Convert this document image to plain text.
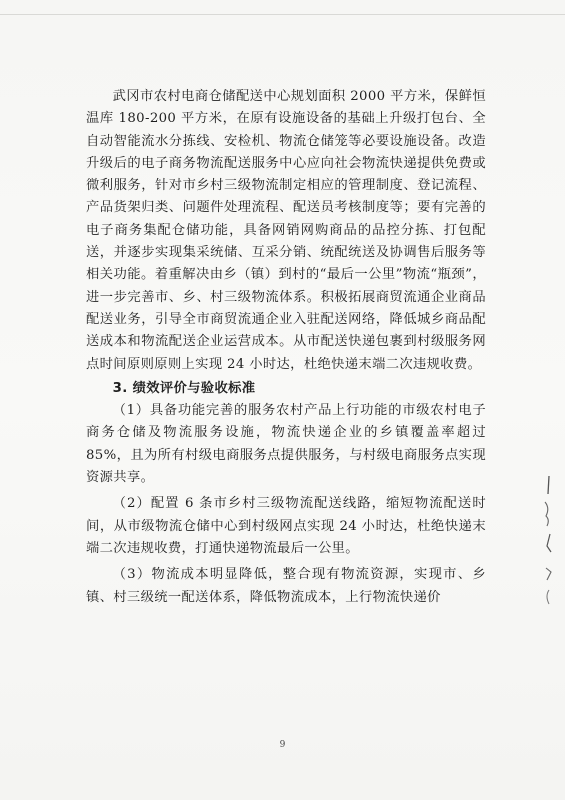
武冈市农村电商仓储配送中心规划面积 2000 平方米，保鲜恒温库 180-200 平方米，在原有设施设备的基础上升级打包台、全自动智能流水分拣线、安检机、物流仓储笼等必要设施设备。改造升级后的电子商务物流配送服务中心应向社会物流快递提供免费或微利服务，针对市乡村三级物流制定相应的管理制度、登记流程、产品货架归类、问题件处理流程、配送员考核制度等；要有完善的电子商务集配仓储功能，具备网销网购商品的品控分拣、打包配送，并逐步实现集采统储、互采分销、统配统送及协调售后服务等相关功能。着重解决由乡（镇）到村的“最后一公里”物流“瓶颈”，进一步完善市、乡、村三级物流体系。积极拓展商贸流通企业商品配送业务，引导全市商贸流通企业入驻配送网络，降低城乡商品配送成本和物流配送企业运营成本。从市配送快递包裹到村级服务网点时间原则原则上实现 24 小时达，杜绝快递末端二次违规收费。

3. 绩效评价与验收标准

（1）具备功能完善的服务农村产品上行功能的市级农村电子商务仓储及物流服务设施，物流快递企业的乡镇覆盖率超过 85%，且为所有村级电商服务点提供服务，与村级电商服务点实现资源共享。

（2）配置 6 条市乡村三级物流配送线路，缩短物流配送时间，从市级物流仓储中心到村级网点实现 24 小时达，杜绝快递末端二次违规收费，打通快递物流最后一公里。

（3）物流成本明显降低，整合现有物流资源，实现市、乡镇、村三级统一配送体系，降低物流成本，上行物流快递价

9
